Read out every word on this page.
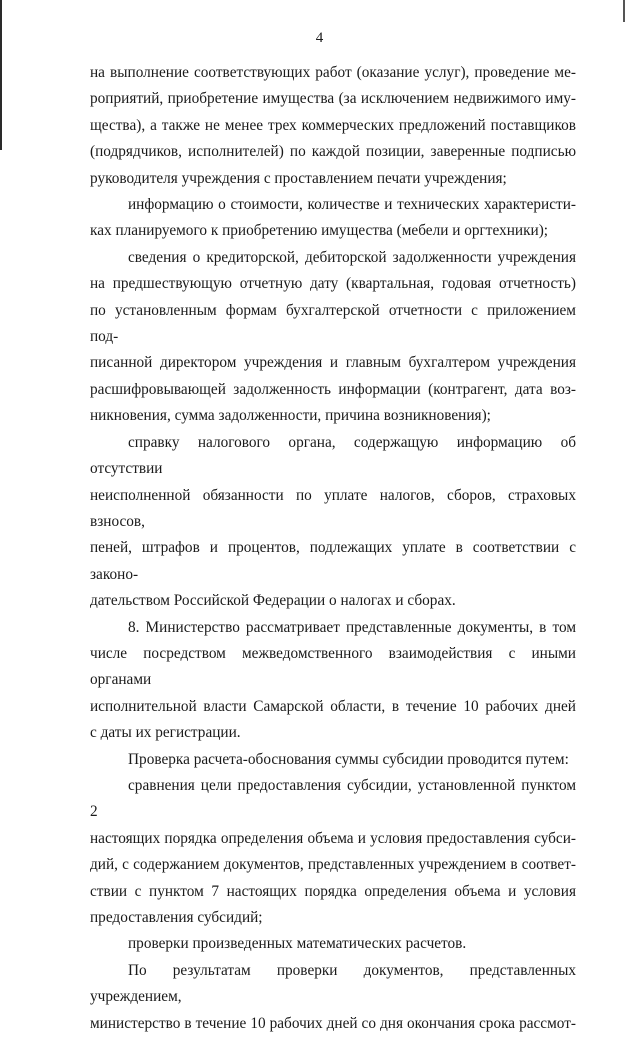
4

на выполнение соответствующих работ (оказание услуг), проведение ме-

роприятий, приобретение имущества (за исключением недвижимого иму-

щества), а также не менее трех коммерческих предложений поставщиков

(подрядчиков, исполнителей) по каждой позиции, заверенные подписью

руководителя учреждения с проставлением печати учреждения;

информацию о стоимости, количестве и технических характеристи-

ках планируемого к приобретению имущества (мебели и оргтехники);

сведения о кредиторской, дебиторской задолженности учреждения

на предшествующую отчетную дату (квартальная, годовая отчетность)

по установленным формам бухгалтерской отчетности с приложением под-

писанной директором учреждения и главным бухгалтером учреждения

расшифровывающей задолженность информации (контрагент, дата воз-

никновения, сумма задолженности, причина возникновения);

справку налогового органа, содержащую информацию об отсутствии

неисполненной обязанности по уплате налогов, сборов, страховых взносов,

пеней, штрафов и процентов, подлежащих уплате в соответствии с законо-

дательством Российской Федерации о налогах и сборах.

8. Министерство рассматривает представленные документы, в том

числе посредством межведомственного взаимодействия с иными органами

исполнительной власти Самарской области, в течение 10 рабочих дней

с даты их регистрации.

Проверка расчета-обоснования суммы субсидии проводится путем:

сравнения цели предоставления субсидии, установленной пунктом 2

настоящих порядка определения объема и условия предоставления субси-

дий, с содержанием документов, представленных учреждением в соответ-

ствии с пунктом 7 настоящих порядка определения объема и условия

предоставления субсидий;

проверки произведенных математических расчетов.

По результатам проверки документов, представленных учреждением,

министерство в течение 10 рабочих дней со дня окончания срока рассмот-
